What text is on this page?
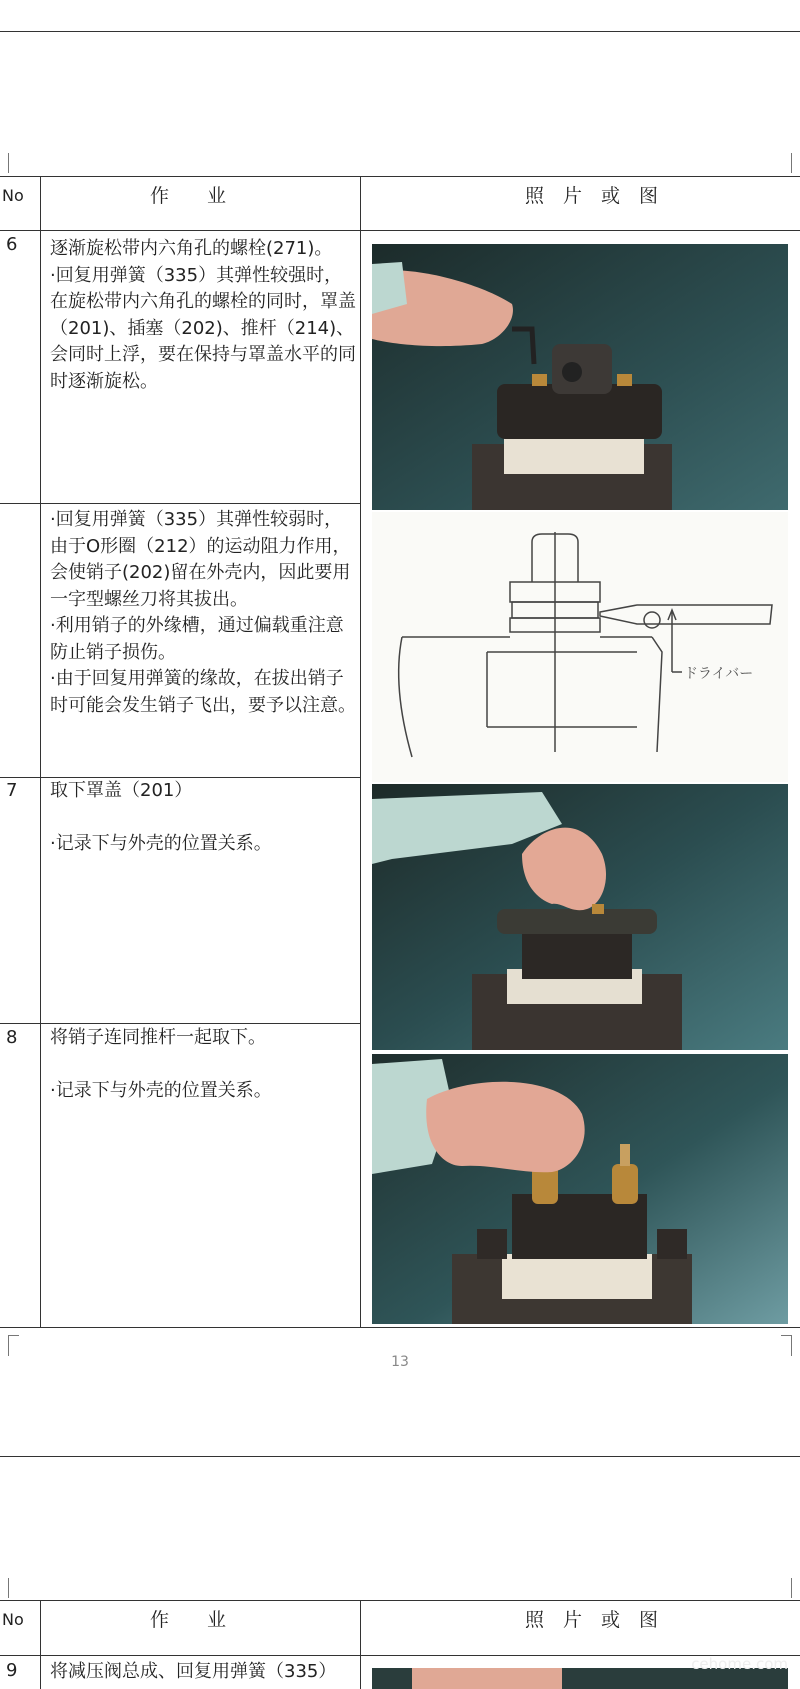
No	作　　业	照　片　或　图
6 逐渐旋松带内六角孔的螺栓(271)。

·回复用弹簧（335）其弹性较强时，在旋松带内六角孔的螺栓的同时，罩盖（201)、插塞（202)、推杆（214)、会同时上浮，要在保持与罩盖水平的同时逐渐旋松。

·回复用弹簧（335）其弹性较弱时，由于O形圈（212）的运动阻力作用，会使销子(202)留在外壳内，因此要用一字型螺丝刀将其拔出。

·利用销子的外缘槽，通过偏载重注意防止销子损伤。

·由于回复用弹簧的缘故，在拔出销子时可能会发生销子飞出，要予以注意。

ドライバー
7 取下罩盖（201）

·记录下与外壳的位置关系。

8 将销子连同推杆一起取下。

·记录下与外壳的位置关系。

13
No	作　　业	照　片　或　图
9 将减压阀总成、回复用弹簧（335）	cehome.com
